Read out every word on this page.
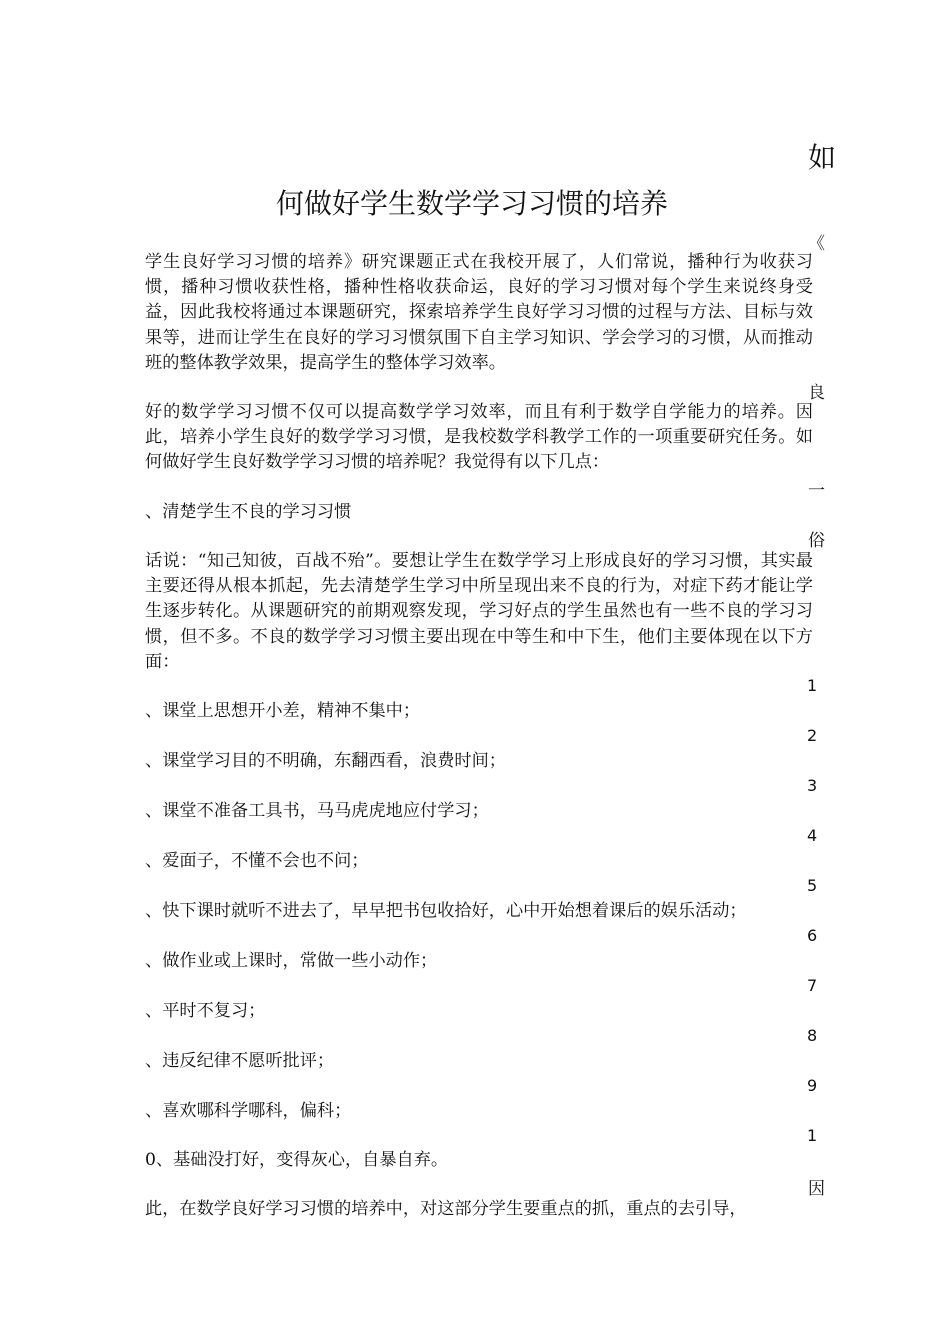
如
何做好学生数学学习习惯的培养
《
学生良好学习习惯的培养》研究课题正式在我校开展了，人们常说，播种行为收获习惯，播种习惯收获性格，播种性格收获命运，良好的学习习惯对每个学生来说终身受益，因此我校将通过本课题研究，探索培养学生良好学习习惯的过程与方法、目标与效果等，进而让学生在良好的学习习惯氛围下自主学习知识、学会学习的习惯，从而推动班的整体教学效果，提高学生的整体学习效率。
良
好的数学学习习惯不仅可以提高数学学习效率，而且有利于数学自学能力的培养。因此，培养小学生良好的数学学习习惯，是我校数学科教学工作的一项重要研究任务。如何做好学生良好数学学习习惯的培养呢？我觉得有以下几点：
一
、清楚学生不良的学习习惯
俗
话说：“知己知彼，百战不殆”。要想让学生在数学学习上形成良好的学习习惯，其实最主要还得从根本抓起，先去清楚学生学习中所呈现出来不良的行为，对症下药才能让学生逐步转化。从课题研究的前期观察发现，学习好点的学生虽然也有一些不良的学习习惯，但不多。不良的数学学习习惯主要出现在中等生和中下生，他们主要体现在以下方面：
1
、课堂上思想开小差，精神不集中；
2
、课堂学习目的不明确，东翻西看，浪费时间；
3
、课堂不准备工具书，马马虎虎地应付学习；
4
、爱面子，不懂不会也不问；
5
、快下课时就听不进去了，早早把书包收拾好，心中开始想着课后的娱乐活动；
6
、做作业或上课时，常做一些小动作；
7
、平时不复习；
8
、违反纪律不愿听批评；
9
、喜欢哪科学哪科，偏科；
1
0、基础没打好，变得灰心，自暴自弃。
因
此，在数学良好学习习惯的培养中，对这部分学生要重点的抓，重点的去引导，
